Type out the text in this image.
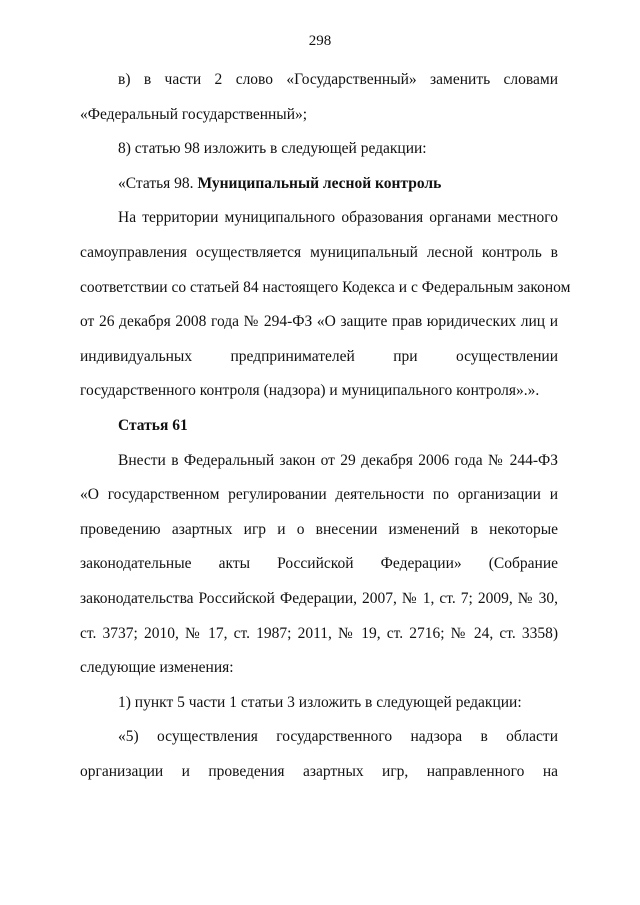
298
в) в части 2 слово «Государственный» заменить словами
«Федеральный государственный»;
8) статью 98 изложить в следующей редакции:
«Статья 98. Муниципальный лесной контроль
На территории муниципального образования органами местного
самоуправления осуществляется муниципальный лесной контроль в
соответствии со статьей 84 настоящего Кодекса и с Федеральным законом
от 26 декабря 2008 года № 294-ФЗ «О защите прав юридических лиц и
индивидуальных предпринимателей при осуществлении
государственного контроля (надзора) и муниципального контроля».».
Статья 61
Внести в Федеральный закон от 29 декабря 2006 года № 244-ФЗ
«О государственном регулировании деятельности по организации и
проведению азартных игр и о внесении изменений в некоторые
законодательные акты Российской Федерации» (Собрание
законодательства Российской Федерации, 2007, № 1, ст. 7; 2009, № 30,
ст. 3737; 2010, № 17, ст. 1987; 2011, № 19, ст. 2716; № 24, ст. 3358)
следующие изменения:
1) пункт 5 части 1 статьи 3 изложить в следующей редакции:
«5) осуществления государственного надзора в области
организации и проведения азартных игр, направленного на
